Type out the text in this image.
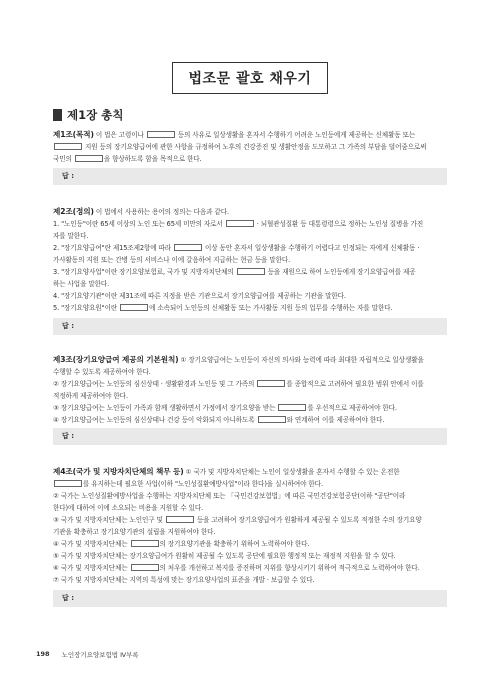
법조문 괄호 채우기
제1장 총칙

제1조(목적) 이 법은 고령이나	등의 사유로 일상생활을 혼자서 수행하기 어려운 노인등에게 제공하는 신체활동 또는

지원 등의 장기요양급여에 관한 사항을 규정하여 노후의 건강증진 및 생활안정을 도모하고 그 가족의 부담을 덜어줌으로써

국민의	을 향상하도록 함을 목적으로 한다.

답 :

제2조(정의) 이 법에서 사용하는 용어의 정의는 다음과 같다.

1. "노인등"이란 65세 이상의 노인 또는 65세 미만의 자로서	· 뇌혈관성질환 등 대통령령으로 정하는 노인성 질병을 가진

자를 말한다.

2. "장기요양급여"란 제15조제2항에 따라	이상 동안 혼자서 일상생활을 수행하기 어렵다고 인정되는 자에게 신체활동 ·

가사활동의 지원 또는 간병 등의 서비스나 이에 갈음하여 지급하는 현금 등을 말한다.

3. "장기요양사업"이란 장기요양보험료, 국가 및 지방자치단체의	등을 재원으로 하여 노인등에게 장기요양급여를 제공

하는 사업을 말한다.

4. "장기요양기관"이란 제31조에 따른 지정을 받은 기관으로서 장기요양급여를 제공하는 기관을 말한다.

5. "장기요양요원"이란	에 소속되어 노인등의 신체활동 또는 가사활동 지원 등의 업무를 수행하는 자를 말한다.

답 :

제3조(장기요양급여 제공의 기본원칙) ① 장기요양급여는 노인등이 자신의 의사와 능력에 따라 최대한 자립적으로 일상생활을

수행할 수 있도록 제공하여야 한다.

② 장기요양급여는 노인등의 심신상태 · 생활환경과 노인등 및 그 가족의	를 종합적으로 고려하여 필요한 범위 안에서 이를

적정하게 제공하여야 한다.

③ 장기요양급여는 노인등이 가족과 함께 생활하면서 가정에서 장기요양을 받는	를 우선적으로 제공하여야 한다.

④ 장기요양급여는 노인등의 심신상태나 건강 등이 악화되지 아니하도록	와 연계하여 이를 제공하여야 한다.

답 :

제4조(국가 및 지방자치단체의 책무 등) ① 국가 및 지방자치단체는 노인이 일상생활을 혼자서 수행할 수 있는 온전한

를 유지하는데 필요한 사업(이하 "노인성질환예방사업"이라 한다)을 실시하여야 한다.

② 국가는 노인성질환예방사업을 수행하는 지방자치단체 또는 「국민건강보험법」에 따른 국민건강보험공단(이하 "공단"이라

한다)에 대하여 이에 소요되는 비용을 지원할 수 있다.

③ 국가 및 지방자치단체는 노인인구 및	등을 고려하여 장기요양급여가 원활하게 제공될 수 있도록 적정한 수의 장기요양

기관을 확충하고 장기요양기관의 설립을 지원하여야 한다.

④ 국가 및 지방자치단체는	의 장기요양기관을 확충하기 위하여 노력하여야 한다.

⑤ 국가 및 지방자치단체는 장기요양급여가 원활히 제공될 수 있도록 공단에 필요한 행정적 또는 재정적 지원을 할 수 있다.

⑥ 국가 및 지방자치단체는	의 처우를 개선하고 복지를 증진하며 지위를 향상시키기 위하여 적극적으로 노력하여야 한다.

⑦ 국가 및 지방자치단체는 지역의 특성에 맞는 장기요양사업의 표준을 개발 · 보급할 수 있다.

답 :
198 노인장기요양보험법 Ⅳ부록
